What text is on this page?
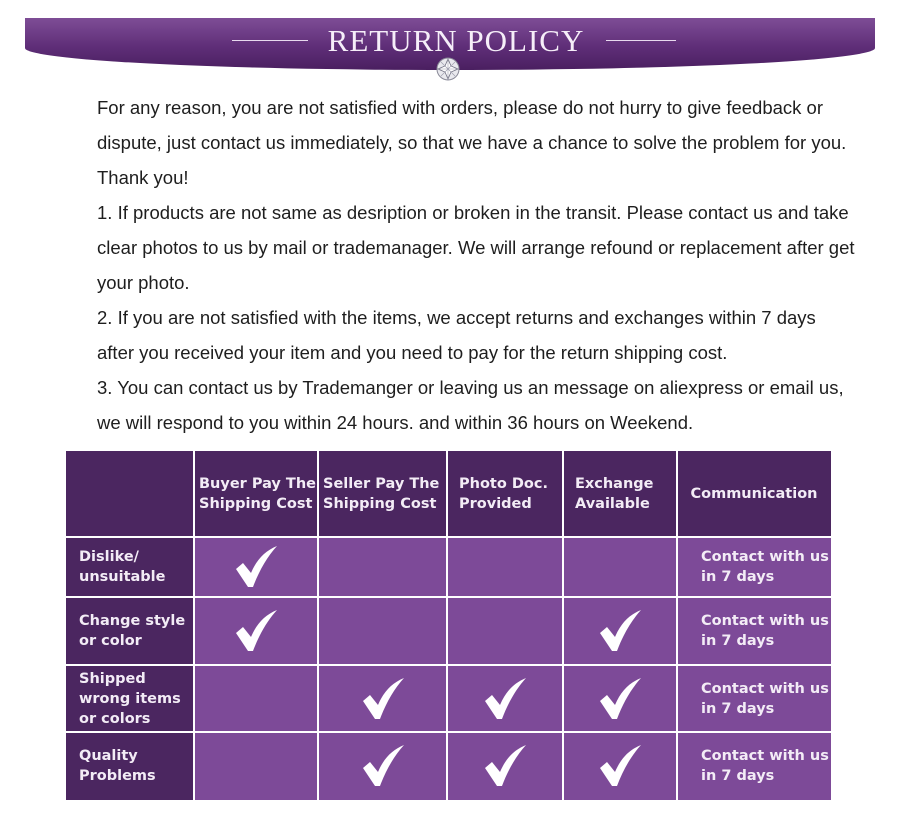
RETURN POLICY

For any reason, you are not satisfied with orders, please do not hurry to give feedback or dispute, just contact us immediately, so that we have a chance to solve the problem for you. Thank you!

1. If products are not same as desription or broken in the transit. Please contact us and take clear photos to us by mail or trademanager. We will arrange refound or replacement after get your photo.

2. If you are not satisfied with the items, we accept returns and exchanges within 7 days after you received your item and you need to pay for the return shipping cost.

3. You can contact us by Trademanger or leaving us an message on aliexpress or email us, we will respond to you within 24 hours. and within 36 hours on Weekend.

Buyer Pay The Shipping Cost
Seller Pay The Shipping Cost
Photo Doc. Provided
Exchange Available
Communication
Dislike/ unsuitable
Contact with us in 7 days
Change style or color
Contact with us in 7 days
Shipped wrong items or colors
Contact with us in 7 days
Quality Problems
Contact with us in 7 days
